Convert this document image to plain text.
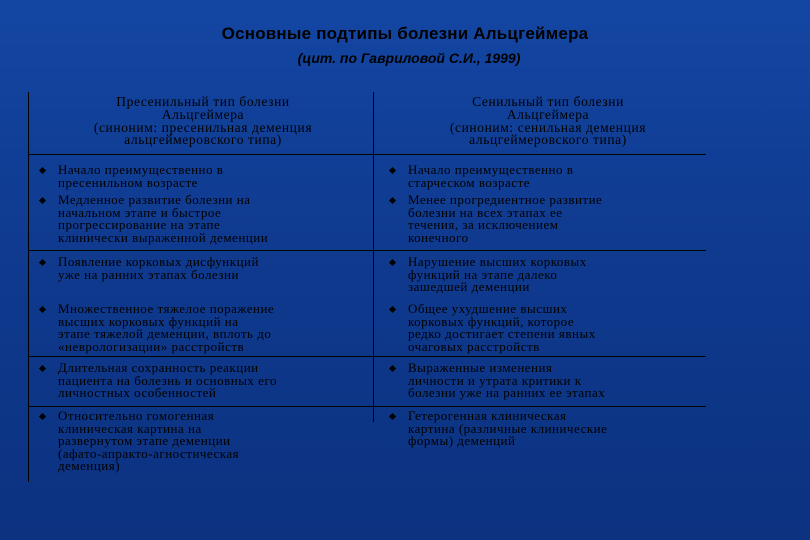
Основные подтипы болезни Альцгеймера
(цит. по Гавриловой С.И., 1999)
Пресенильный тип болезни
Альцгеймера
(синоним: пресенильная деменция
альцгеймеровского типа)
Сенильный тип болезни
Альцгеймера
(синоним: сенильная деменция
альцгеймеровского типа)
Начало преимущественно в
пресенильном возрасте
Медленное развитие болезни на
начальном этапе и быстрое
прогрессирование на этапе
клинически выраженной деменции
Появление корковых дисфункций
уже на ранних этапах болезни
Множественное тяжелое поражение
высших корковых функций на
этапе тяжелой деменции, вплоть до
«неврологизации» расстройств
Длительная сохранность реакции
пациента на болезнь и основных его
личностных особенностей
Относительно гомогенная
клиническая картина на
развернутом этапе деменции
(афато-апракто-агностическая
деменция)
Начало преимущественно в
старческом возрасте
Менее прогредиентное развитие
болезни на всех этапах ее
течения, за исключением
конечного
Нарушение высших корковых
функций на этапе далеко
зашедшей деменции
Общее ухудшение высших
корковых функций, которое
редко достигает степени явных
очаговых расстройств
Выраженные изменения
личности и утрата критики к
болезни уже на ранних ее этапах
Гетерогенная клиническая
картина (различные клинические
формы) деменций
